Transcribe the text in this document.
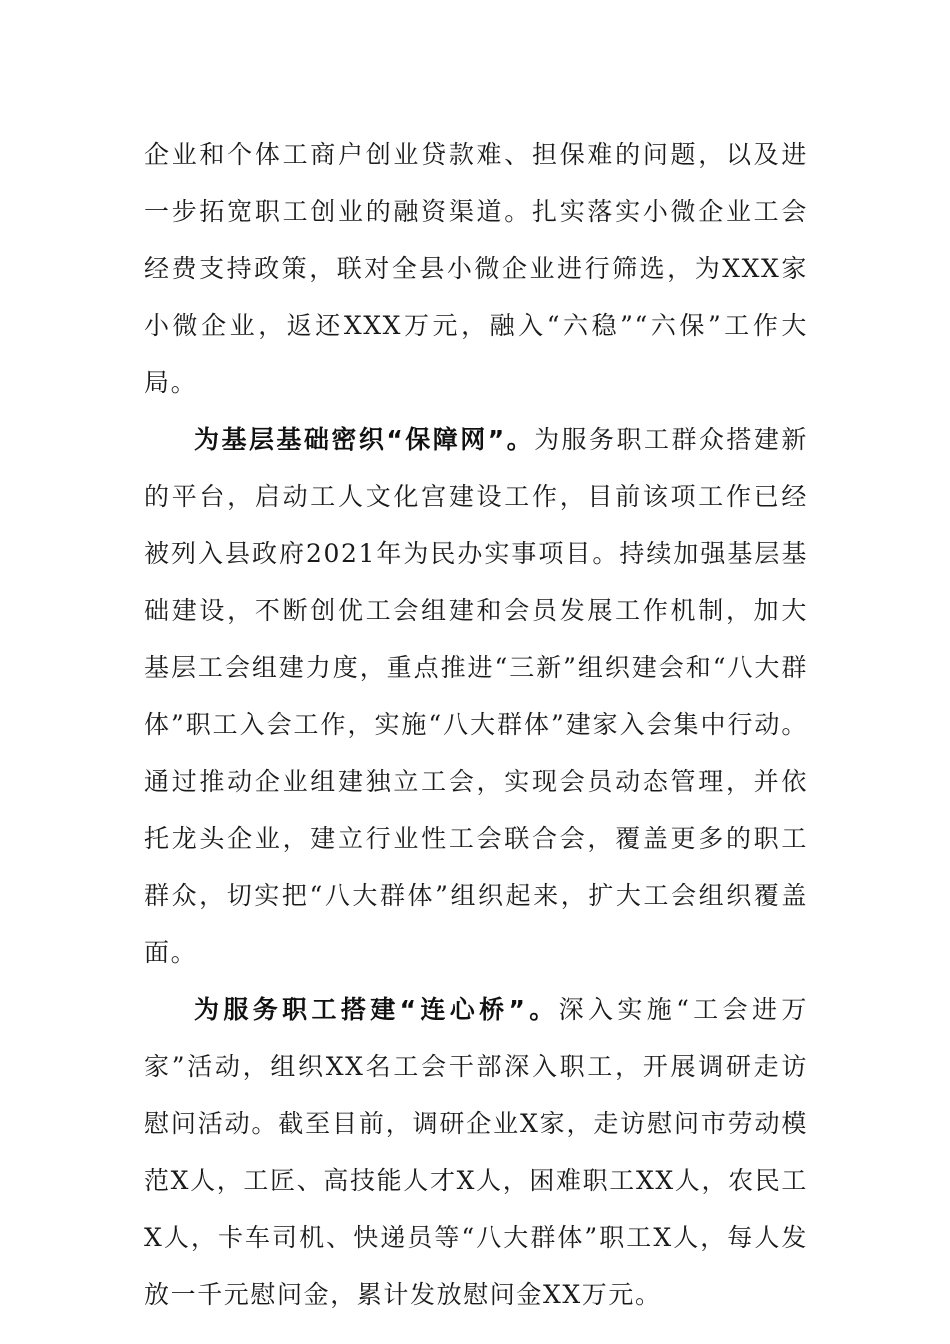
企业和个体工商户创业贷款难、担保难的问题，以及进一步拓宽职工创业的融资渠道。扎实落实小微企业工会经费支持政策，联对全县小微企业进行筛选，为XXX家小微企业，返还XXX万元，融入“六稳”“六保”工作大局。

为基层基础密织“保障网”。为服务职工群众搭建新的平台，启动工人文化宫建设工作，目前该项工作已经被列入县政府2021年为民办实事项目。持续加强基层基础建设，不断创优工会组建和会员发展工作机制，加大基层工会组建力度，重点推进“三新”组织建会和“八大群体”职工入会工作，实施“八大群体”建家入会集中行动。通过推动企业组建独立工会，实现会员动态管理，并依托龙头企业，建立行业性工会联合会，覆盖更多的职工群众，切实把“八大群体”组织起来，扩大工会组织覆盖面。

为服务职工搭建“连心桥”。深入实施“工会进万家”活动，组织XX名工会干部深入职工，开展调研走访慰问活动。截至目前，调研企业X家，走访慰问市劳动模范X人，工匠、高技能人才X人，困难职工XX人，农民工X人，卡车司机、快递员等“八大群体”职工X人，每人发放一千元慰问金，累计发放慰问金XX万元。
